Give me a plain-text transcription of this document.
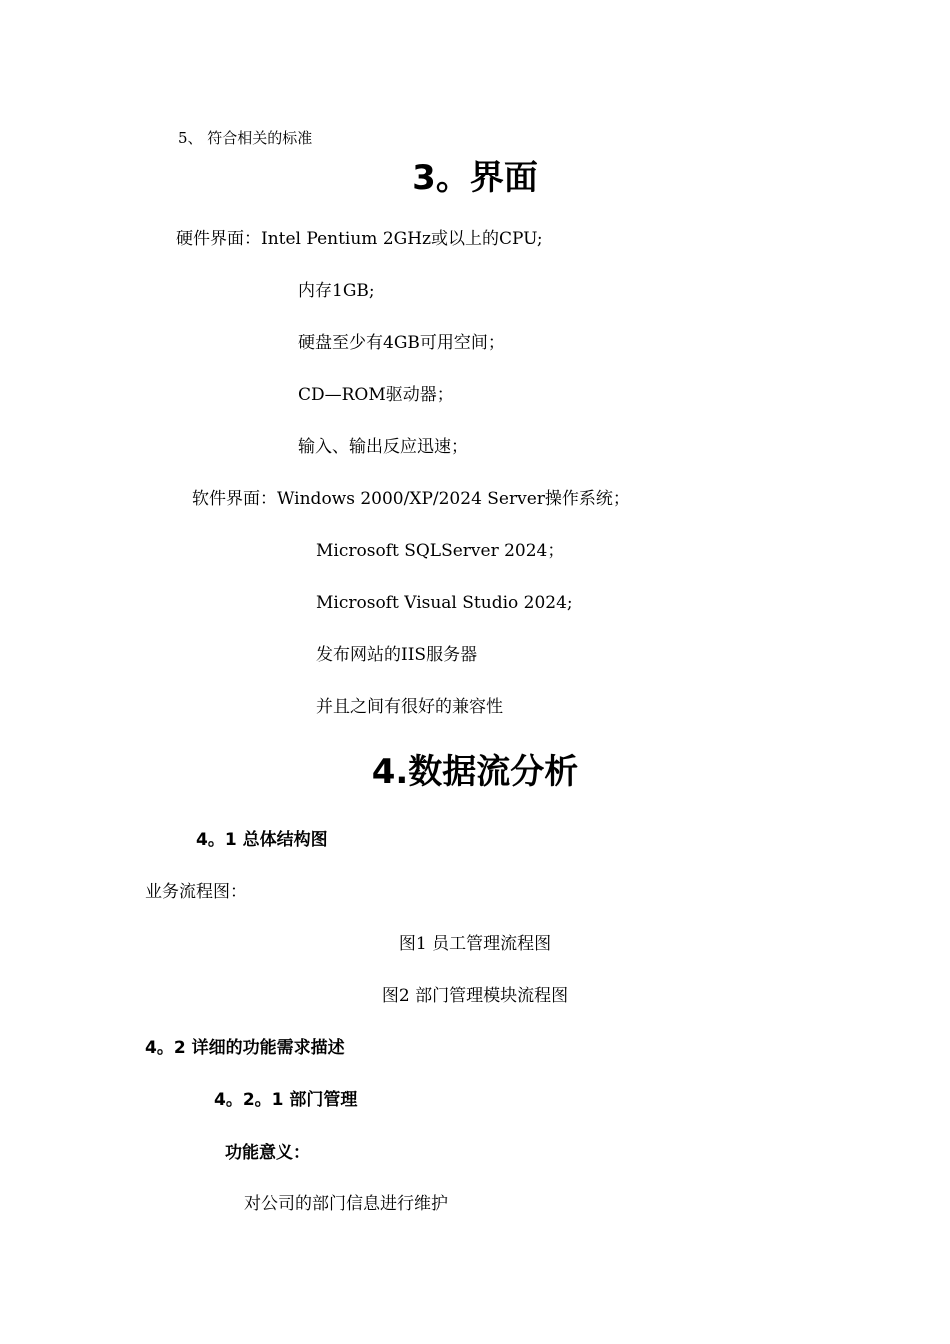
5、 符合相关的标准
3。界面
硬件界面：Intel Pentium 2GHz或以上的CPU;
内存1GB;
硬盘至少有4GB可用空间；
CD—ROM驱动器；
输入、输出反应迅速；
软件界面：Windows 2000/XP/2024 Server操作系统；
Microsoft SQLServer 2024；
Microsoft Visual Studio 2024;
发布网站的IIS服务器
并且之间有很好的兼容性
4.数据流分析
4。1 总体结构图
业务流程图：
图1 员工管理流程图
图2 部门管理模块流程图
4。2 详细的功能需求描述
4。2。1 部门管理
功能意义：
对公司的部门信息进行维护
